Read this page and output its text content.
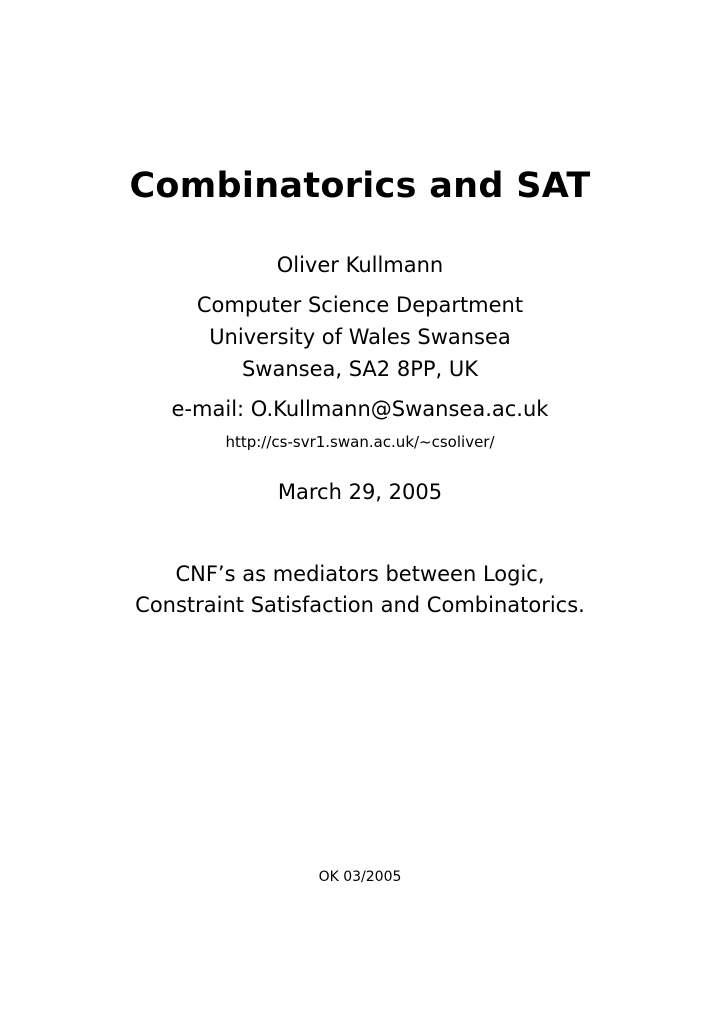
Combinatorics and SAT
Oliver Kullmann
Computer Science Department
University of Wales Swansea
Swansea, SA2 8PP, UK
e-mail: O.Kullmann@Swansea.ac.uk
http://cs-svr1.swan.ac.uk/~csoliver/
March 29, 2005
CNF’s as mediators between Logic,
Constraint Satisfaction and Combinatorics.
OK 03/2005
